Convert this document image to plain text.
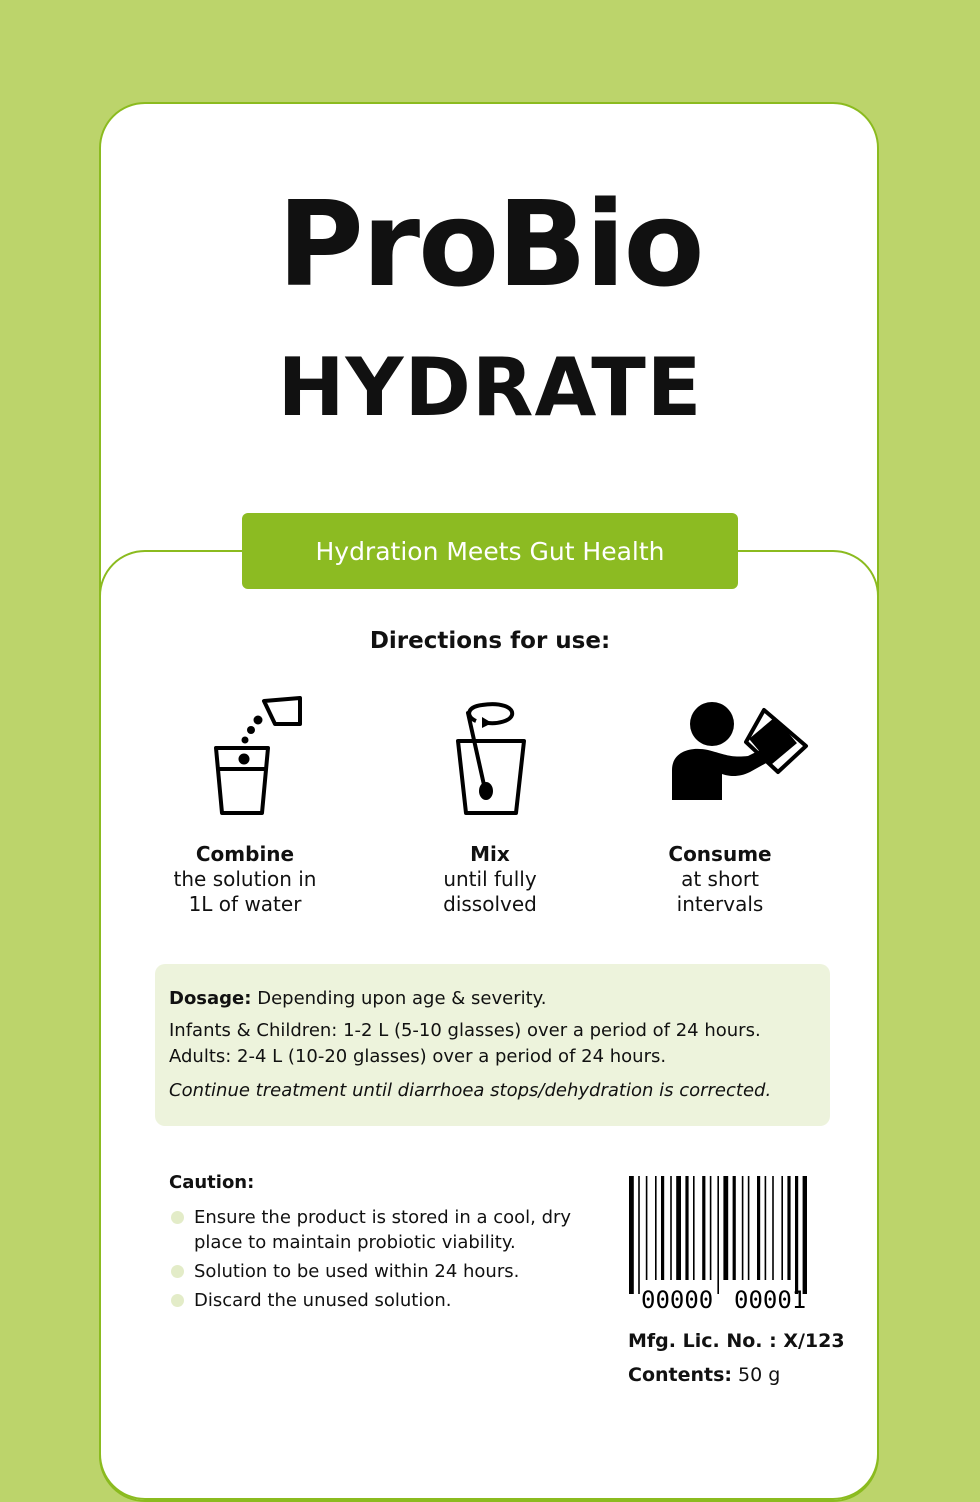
ProBio
HYDRATE
Hydration Meets Gut Health
Directions for use:
Combine
the solution in
1L of water
Mix
until fully
dissolved
Consume
at short
intervals

Dosage: Depending upon age & severity.

Infants & Children: 1-2 L (5-10 glasses) over a period of 24 hours.

Adults: 2-4 L (10-20 glasses) over a period of 24 hours.

Continue treatment until diarrhoea stops/dehydration is corrected.

Caution:
Ensure the product is stored in a cool, dry place to maintain probiotic viability.
Solution to be used within 24 hours.
Discard the unused solution.	00000 00001
Mfg. Lic. No. : X/123
Contents: 50 g
